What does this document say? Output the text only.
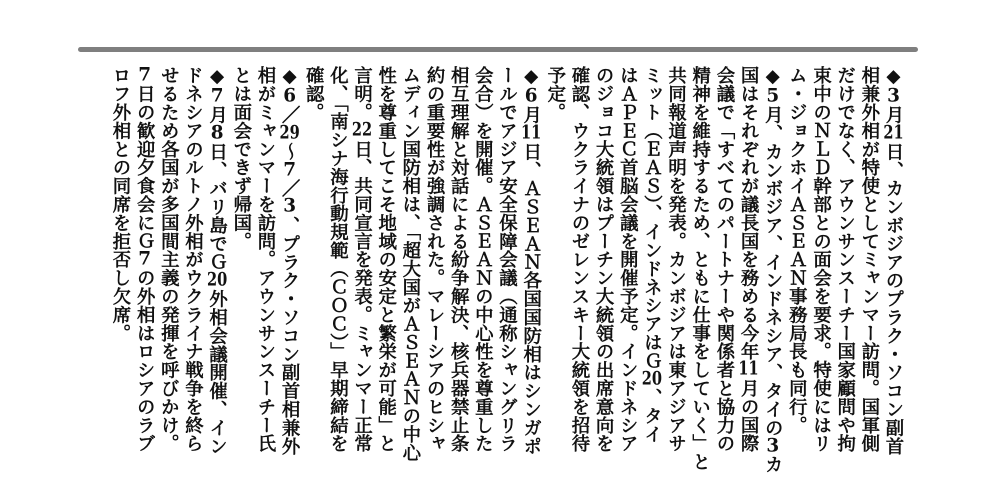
◆3月21日、カンボジアのプラク・ソコン副首
相兼外相が特使としてミャンマー訪問。国軍側
だけでなく、アウンサンスーチー国家顧問や拘
束中のＮＬＤ幹部との面会を要求。特使にはリ
ム・ジョクホイＡＳＥＡＮ事務局長も同行。
◆5月、カンボジア、インドネシア、タイの3カ
国はそれぞれが議長国を務める今年11月の国際
会議で「すべてのパートナーや関係者と協力の
精神を維持するため、ともに仕事をしていく」と
共同報道声明を発表。カンボジアは東アジアサ
ミット（ＥＡＳ）、インドネシアはＧ20、タイ
はＡＰＥＣ首脳会議を開催予定。インドネシア
のジョコ大統領はプーチン大統領の出席意向を
確認、ウクライナのゼレンスキー大統領を招待
予定。
◆6月11日、ＡＳＥＡＮ各国国防相はシンガポ
ールでアジア安全保障会議（通称シャングリラ
会合）を開催。ＡＳＥＡＮの中心性を尊重した
相互理解と対話による紛争解決、核兵器禁止条
約の重要性が強調された。マレーシアのヒシャ
ムディン国防相は、「超大国がＡＳＥＡＮの中心
性を尊重してこそ地域の安定と繁栄が可能」と
言明。22日、共同宣言を発表。ミャンマー正常
化、「南シナ海行動規範（ＣＯＣ）」早期締結を
確認。
◆6／29〜7／3、プラク・ソコン副首相兼外
相がミャンマーを訪問。アウンサンスーチー氏
とは面会できず帰国。
◆7月8日、バリ島でＧ20外相会議開催、イン
ドネシアのルトノ外相がウクライナ戦争を終ら
せるため各国が多国間主義の発揮を呼びかけ。
7日の歓迎夕食会にＧ7の外相はロシアのラブ
ロフ外相との同席を拒否し欠席。
